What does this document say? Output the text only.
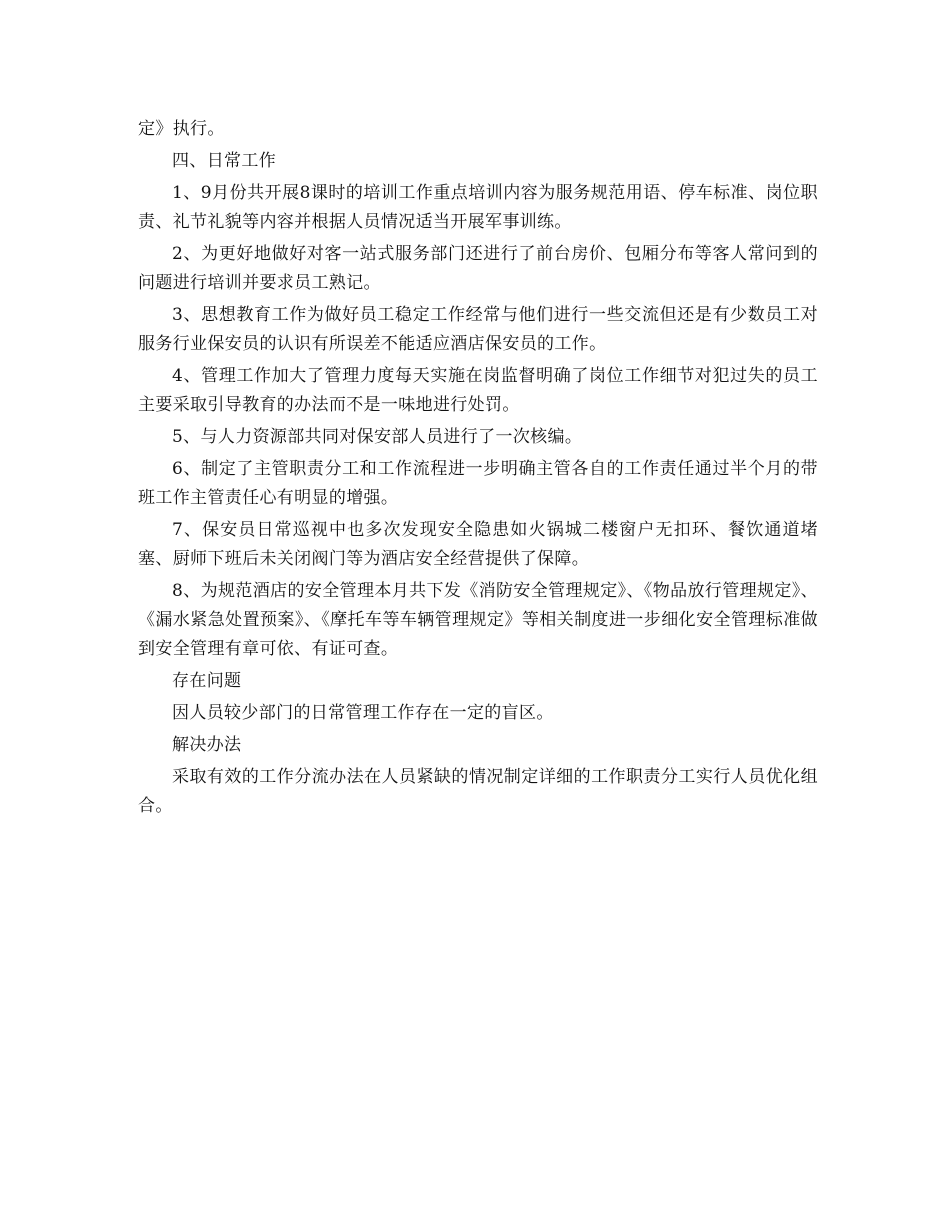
定》执行。

四、日常工作

1、9月份共开展8课时的培训工作重点培训内容为服务规范用语、停车标准、岗位职责、礼节礼貌等内容并根据人员情况适当开展军事训练。

2、为更好地做好对客一站式服务部门还进行了前台房价、包厢分布等客人常问到的问题进行培训并要求员工熟记。

3、思想教育工作为做好员工稳定工作经常与他们进行一些交流但还是有少数员工对服务行业保安员的认识有所误差不能适应酒店保安员的工作。

4、管理工作加大了管理力度每天实施在岗监督明确了岗位工作细节对犯过失的员工主要采取引导教育的办法而不是一味地进行处罚。

5、与人力资源部共同对保安部人员进行了一次核编。

6、制定了主管职责分工和工作流程进一步明确主管各自的工作责任通过半个月的带班工作主管责任心有明显的增强。

7、保安员日常巡视中也多次发现安全隐患如火锅城二楼窗户无扣环、餐饮通道堵塞、厨师下班后未关闭阀门等为酒店安全经营提供了保障。

8、为规范酒店的安全管理本月共下发《消防安全管理规定》、《物品放行管理规定》、《漏水紧急处置预案》、《摩托车等车辆管理规定》等相关制度进一步细化安全管理标准做到安全管理有章可依、有证可查。

存在问题

因人员较少部门的日常管理工作存在一定的盲区。

解决办法

采取有效的工作分流办法在人员紧缺的情况制定详细的工作职责分工实行人员优化组合。
